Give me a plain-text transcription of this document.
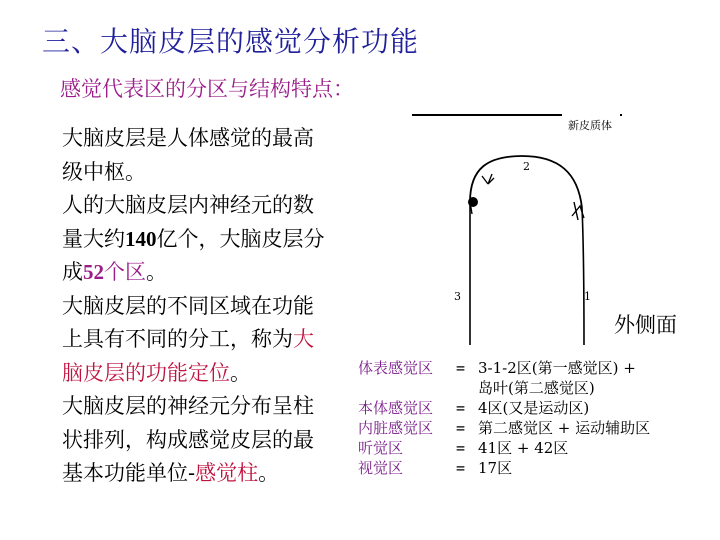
三、大脑皮层的感觉分析功能
感觉代表区的分区与结构特点：

大脑皮层是人体感觉的最高级中枢。

人的大脑皮层内神经元的数量大约140亿个，大脑皮层分成52个区。

大脑皮层的不同区域在功能上具有不同的分工，称为大脑皮层的功能定位。

大脑皮层的神经元分布呈柱状排列，构成感觉皮层的最基本功能单位-感觉柱。

新皮质体
2
3	1
外侧面
体表感觉区 = 3-1-2区(第一感觉区) +
岛叶(第二感觉区)
本体感觉区 = 4区(又是运动区)
内脏感觉区 = 第二感觉区 + 运动辅助区
听觉区	= 41区 + 42区
视觉区	= 17区
